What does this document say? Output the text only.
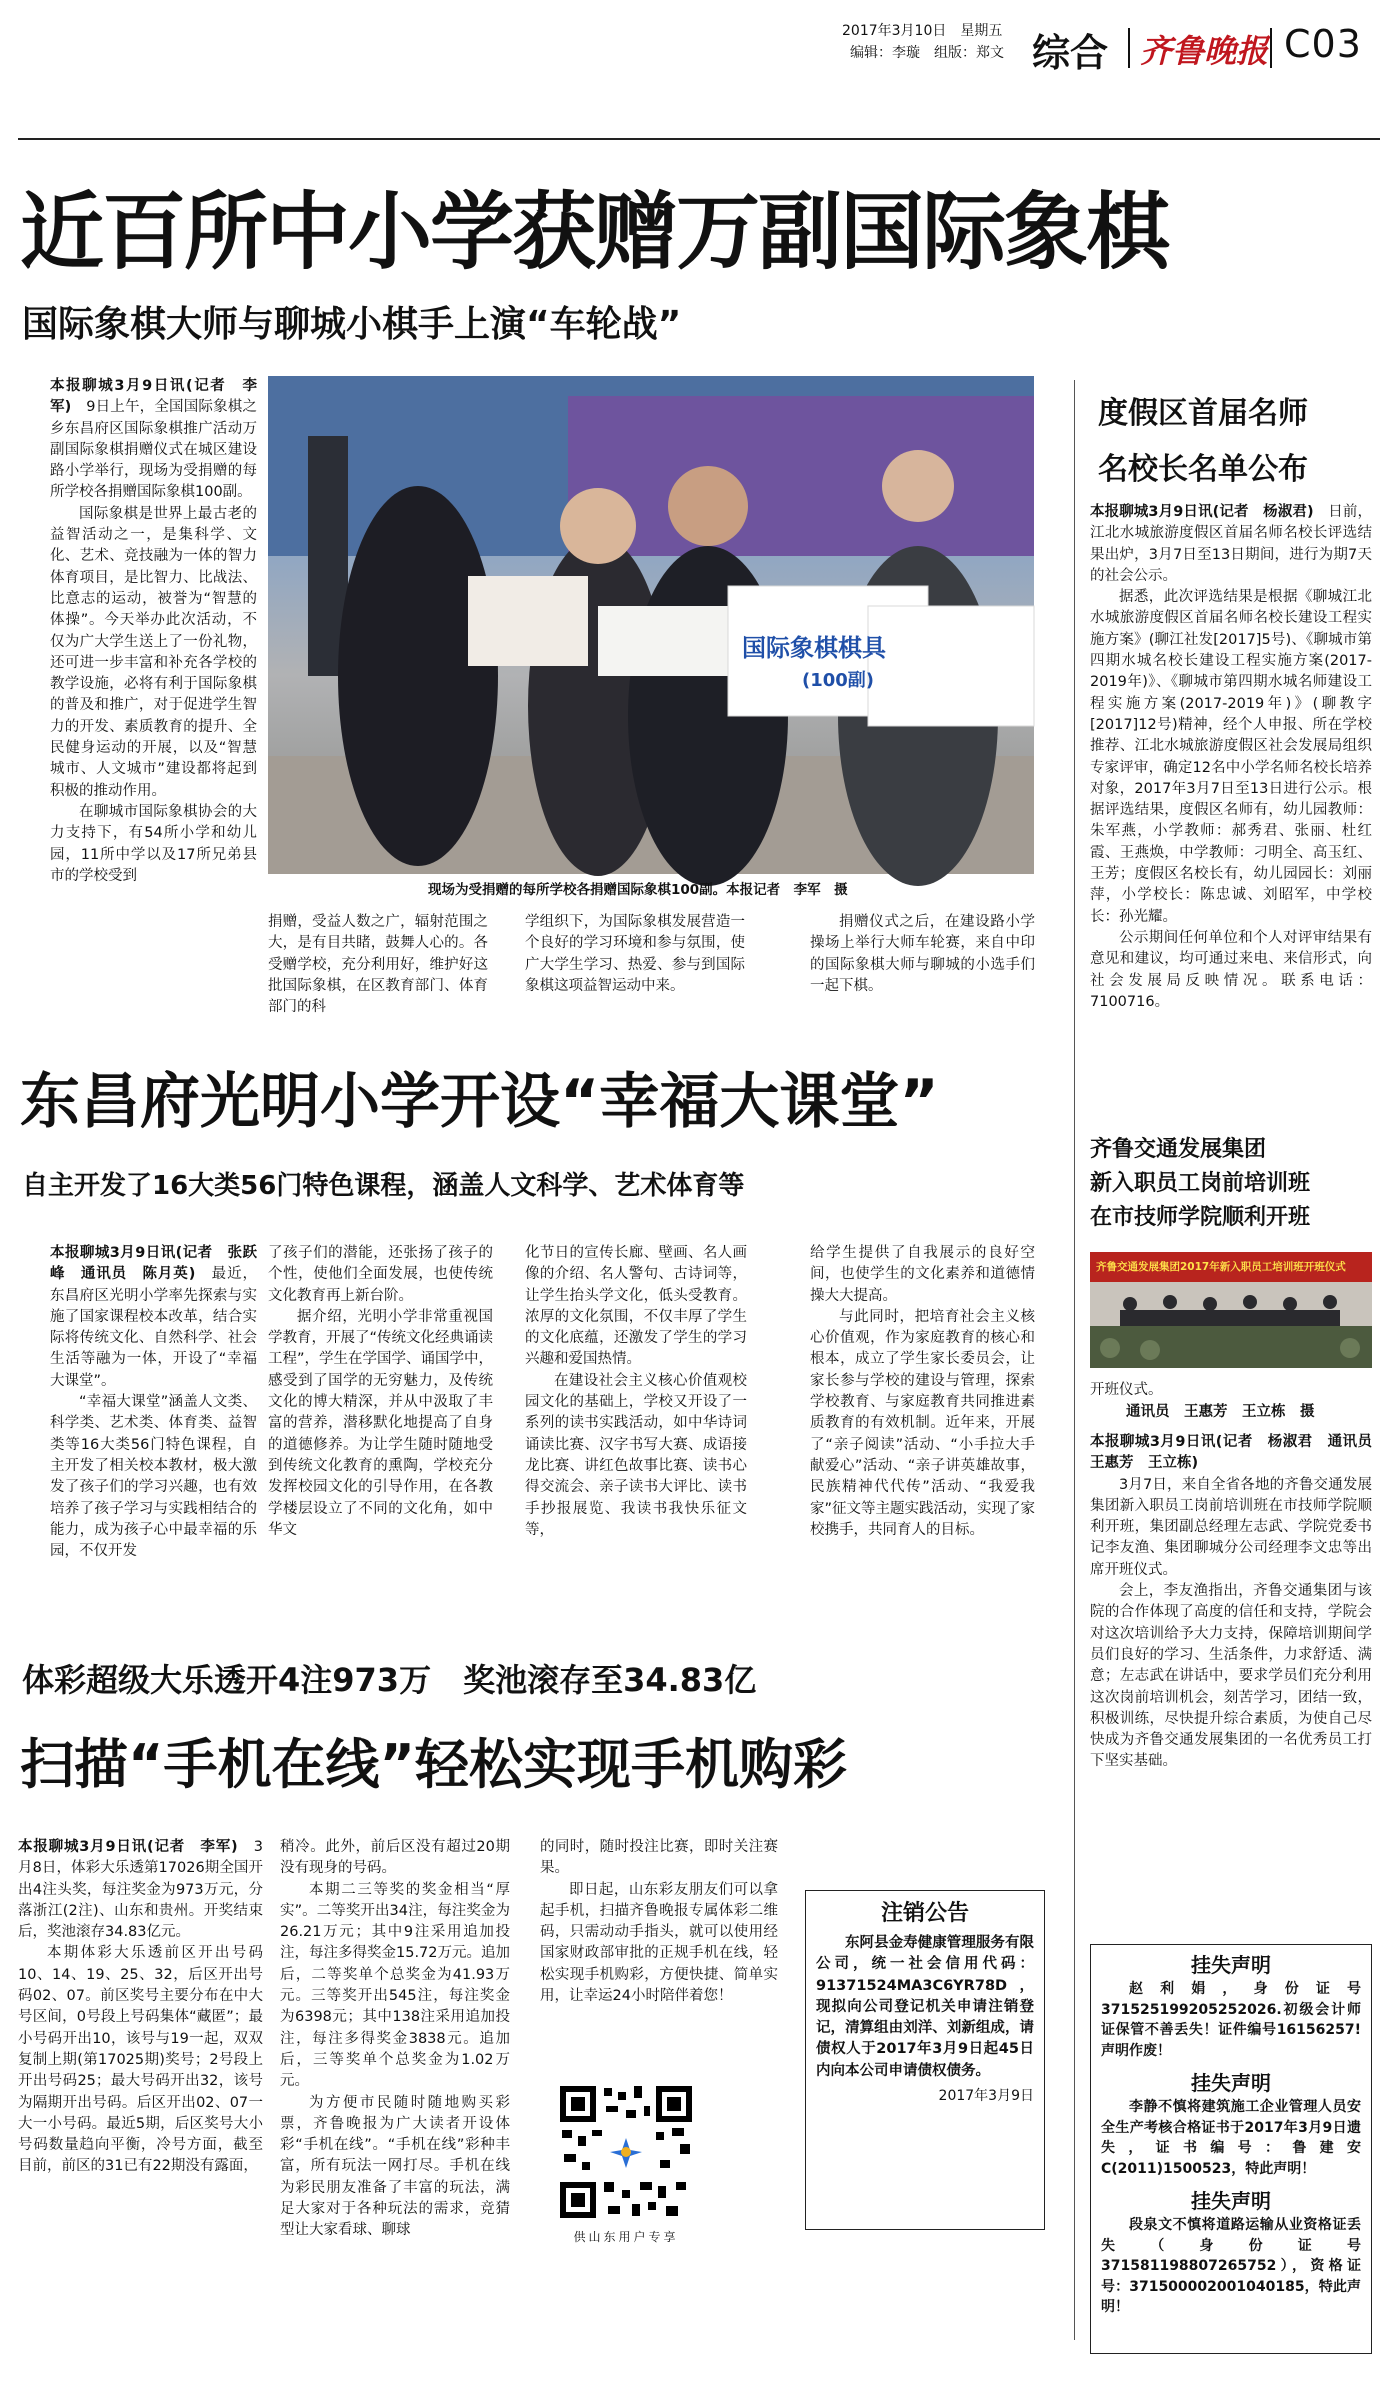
2017年3月10日　 星期五
编辑：李璇　 组版：郑文 综合 齐鲁晚报 C03
近百所中小学获赠万副国际象棋
国际象棋大师与聊城小棋手上演“车轮战”

本报聊城3月9日讯(记者　李军)　9日上午，全国国际象棋之乡东昌府区国际象棋推广活动万副国际象棋捐赠仪式在城区建设路小学举行，现场为受捐赠的每所学校各捐赠国际象棋100副。

国际象棋是世界上最古老的益智活动之一，是集科学、文化、艺术、竞技融为一体的智力体育项目，是比智力、比战法、比意志的运动，被誉为“智慧的体操”。今天举办此次活动，不仅为广大学生送上了一份礼物，还可进一步丰富和补充各学校的教学设施，必将有利于国际象棋的普及和推广，对于促进学生智力的开发、素质教育的提升、全民健身运动的开展，以及“智慧城市、人文城市”建设都将起到积极的推动作用。

在聊城市国际象棋协会的大力支持下，有54所小学和幼儿园，11所中学以及17所兄弟县市的学校受到

国际象棋棋具
(100副)
现场为受捐赠的每所学校各捐赠国际象棋100副。本报记者　李军　摄
捐赠，受益人数之广，辐射范围之大，是有目共睹，鼓舞人心的。各受赠学校，充分利用好，维护好这批国际象棋，在区教育部门、体育部门的科
学组织下，为国际象棋发展营造一个良好的学习环境和参与氛围，使广大学生学习、热爱、参与到国际象棋这项益智运动中来。
捐赠仪式之后，在建设路小学操场上举行大师车轮赛，来自中印的国际象棋大师与聊城的小选手们一起下棋。
东昌府光明小学开设“幸福大课堂”
自主开发了16大类56门特色课程，涵盖人文科学、艺术体育等

本报聊城3月9日讯(记者　张跃峰　通讯员　陈月英)　最近，东昌府区光明小学率先探索与实施了国家课程校本改革，结合实际将传统文化、自然科学、社会生活等融为一体，开设了“幸福大课堂”。

“幸福大课堂”涵盖人文类、科学类、艺术类、体育类、益智类等16大类56门特色课程，自主开发了相关校本教材，极大激发了孩子们的学习兴趣，也有效培养了孩子学习与实践相结合的能力，成为孩子心中最幸福的乐园，不仅开发

了孩子们的潜能，还张扬了孩子的个性，使他们全面发展，也使传统文化教育再上新台阶。

据介绍，光明小学非常重视国学教育，开展了“传统文化经典诵读工程”，学生在学国学、诵国学中，感受到了国学的无穷魅力，及传统文化的博大精深，并从中汲取了丰富的营养，潜移默化地提高了自身的道德修养。为让学生随时随地受到传统文化教育的熏陶，学校充分发挥校园文化的引导作用，在各教学楼层设立了不同的文化角，如中华文

化节日的宣传长廊、壁画、名人画像的介绍、名人警句、古诗词等，让学生抬头学文化，低头受教育。浓厚的文化氛围，不仅丰厚了学生的文化底蕴，还激发了学生的学习兴趣和爱国热情。

在建设社会主义核心价值观校园文化的基础上，学校又开设了一系列的读书实践活动，如中华诗词诵读比赛、汉字书写大赛、成语接龙比赛、讲红色故事比赛、读书心得交流会、亲子读书大评比、读书手抄报展览、我读书我快乐征文等，

给学生提供了自我展示的良好空间，也使学生的文化素养和道德情操大大提高。

与此同时，把培育社会主义核心价值观，作为家庭教育的核心和根本，成立了学生家长委员会，让家长参与学校的建设与管理，探索学校教育、与家庭教育共同推进素质教育的有效机制。近年来，开展了“亲子阅读”活动、“小手拉大手献爱心”活动、“亲子讲英雄故事，民族精神代代传”活动、“我爱我家”征文等主题实践活动，实现了家校携手，共同育人的目标。

体彩超级大乐透开4注973万　奖池滚存至34.83亿
扫描“手机在线”轻松实现手机购彩

本报聊城3月9日讯(记者　李军)　3月8日，体彩大乐透第17026期全国开出4注头奖，每注奖金为973万元，分落浙江(2注)、山东和贵州。开奖结束后，奖池滚存34.83亿元。

本期体彩大乐透前区开出号码10、14、19、25、32，后区开出号码02、07。前区奖号主要分布在中大号区间，0号段上号码集体“藏匿”；最小号码开出10，该号与19一起，双双复制上期(第17025期)奖号；2号段上开出号码25；最大号码开出32，该号为隔期开出号码。后区开出02、07一大一小号码。最近5期，后区奖号大小号码数量趋向平衡，冷号方面，截至目前，前区的31已有22期没有露面，

稍冷。此外，前后区没有超过20期没有现身的号码。

本期二三等奖的奖金相当“厚实”。二等奖开出34注，每注奖金为26.21万元；其中9注采用追加投注，每注多得奖金15.72万元。追加后，二等奖单个总奖金为41.93万元。三等奖开出545注，每注奖金为6398元；其中138注采用追加投注，每注多得奖金3838元。追加后，三等奖单个总奖金为1.02万元。

为方便市民随时随地购买彩票，齐鲁晚报为广大读者开设体彩“手机在线”。“手机在线”彩种丰富，所有玩法一网打尽。手机在线为彩民朋友准备了丰富的玩法，满足大家对于各种玩法的需求，竞猜型让大家看球、聊球

的同时，随时投注比赛，即时关注赛果。

即日起，山东彩友朋友们可以拿起手机，扫描齐鲁晚报专属体彩二维码，只需动动手指头，就可以使用经国家财政部审批的正规手机在线，轻松实现手机购彩，方便快捷、简单实用，让幸运24小时陪伴着您！

供山东用户专享
注销公告
东阿县金寿健康管理服务有限公司，统一社会信用代码：91371524MA3C6YR78D，现拟向公司登记机关申请注销登记，清算组由刘洋、刘新组成，请债权人于2017年3月9日起45日内向本公司申请债权债务。
2017年3月9日
度假区首届名师
名校长名单公布

本报聊城3月9日讯(记者　杨淑君)　日前，江北水城旅游度假区首届名师名校长评选结果出炉，3月7日至13日期间，进行为期7天的社会公示。

据悉，此次评选结果是根据《聊城江北水城旅游度假区首届名师名校长建设工程实施方案》(聊江社发[2017]5号)、《聊城市第四期水城名校长建设工程实施方案(2017-2019年)》、《聊城市第四期水城名师建设工程实施方案(2017-2019年)》(聊教字[2017]12号)精神，经个人申报、所在学校推荐、江北水城旅游度假区社会发展局组织专家评审，确定12名中小学名师名校长培养对象，2017年3月7日至13日进行公示。根据评选结果，度假区名师有，幼儿园教师：朱军燕，小学教师：郝秀君、张丽、杜红霞、王燕焕，中学教师：刁明全、高玉红、王芳；度假区名校长有，幼儿园园长：刘丽萍，小学校长：陈忠诚、刘昭军，中学校长：孙光耀。

公示期间任何单位和个人对评审结果有意见和建议，均可通过来电、来信形式，向社会发展局反映情况。联系电话：7100716。

齐鲁交通发展集团
新入职员工岗前培训班
在市技师学院顺利开班
齐鲁交通发展集团2017年新入职员工培训班开班仪式
开班仪式。
通讯员　王惠芳　王立栋　摄

本报聊城3月9日讯(记者　杨淑君　通讯员　王惠芳　王立栋)

3月7日，来自全省各地的齐鲁交通发展集团新入职员工岗前培训班在市技师学院顺利开班，集团副总经理左志武、学院党委书记李友渔、集团聊城分公司经理李文忠等出席开班仪式。

会上，李友渔指出，齐鲁交通集团与该院的合作体现了高度的信任和支持，学院会对这次培训给予大力支持，保障培训期间学员们良好的学习、生活条件，力求舒适、满意；左志武在讲话中，要求学员们充分利用这次岗前培训机会，刻苦学习，团结一致，积极训练，尽快提升综合素质，为使自己尽快成为齐鲁交通发展集团的一名优秀员工打下坚实基础。

挂失声明
赵利娟，身份证号371525199205252026.初级会计师证保管不善丢失！证件编号16156257!声明作废！
挂失声明
李静不慎将建筑施工企业管理人员安全生产考核合格证书于2017年3月9日遗失，证书编号：鲁建安C(2011)1500523，特此声明！
挂失声明
段泉文不慎将道路运输从业资格证丢失（身份证号371581198807265752），资格证号：371500002001040185，特此声明！
